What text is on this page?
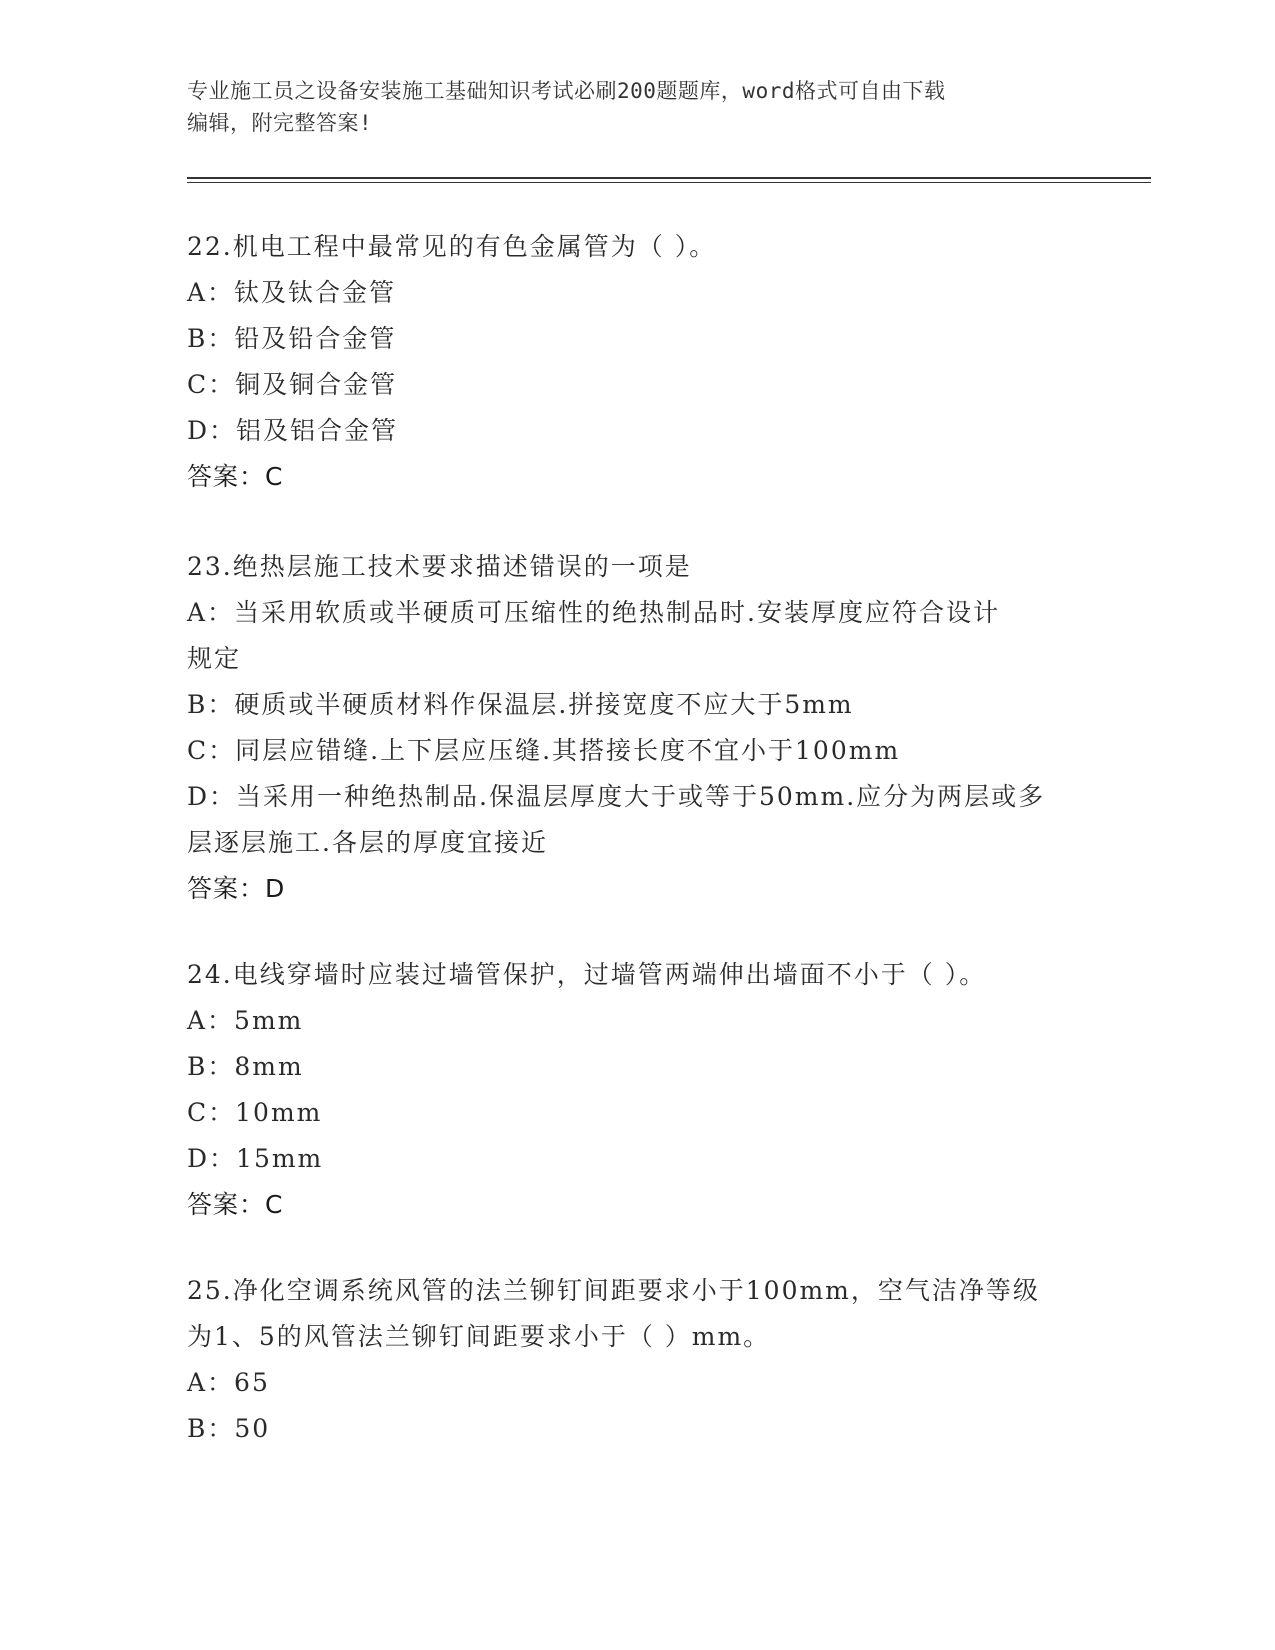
专业施工员之设备安装施工基础知识考试必刷200题题库，word格式可自由下载
编辑，附完整答案!
22.机电工程中最常见的有色金属管为（ ）。
A：钛及钛合金管
B：铅及铅合金管
C：铜及铜合金管
D：铝及铝合金管
答案：C
23.绝热层施工技术要求描述错误的一项是
A：当采用软质或半硬质可压缩性的绝热制品时.安装厚度应符合设计
规定
B：硬质或半硬质材料作保温层.拼接宽度不应大于5mm
C：同层应错缝.上下层应压缝.其搭接长度不宜小于100mm
D：当采用一种绝热制品.保温层厚度大于或等于50mm.应分为两层或多
层逐层施工.各层的厚度宜接近
答案：D
24.电线穿墙时应装过墙管保护，过墙管两端伸出墙面不小于（ ）。
A：5mm
B：8mm
C：10mm
D：15mm
答案：C
25.净化空调系统风管的法兰铆钉间距要求小于100mm，空气洁净等级
为1、5的风管法兰铆钉间距要求小于（ ）mm。
A：65
B：50
